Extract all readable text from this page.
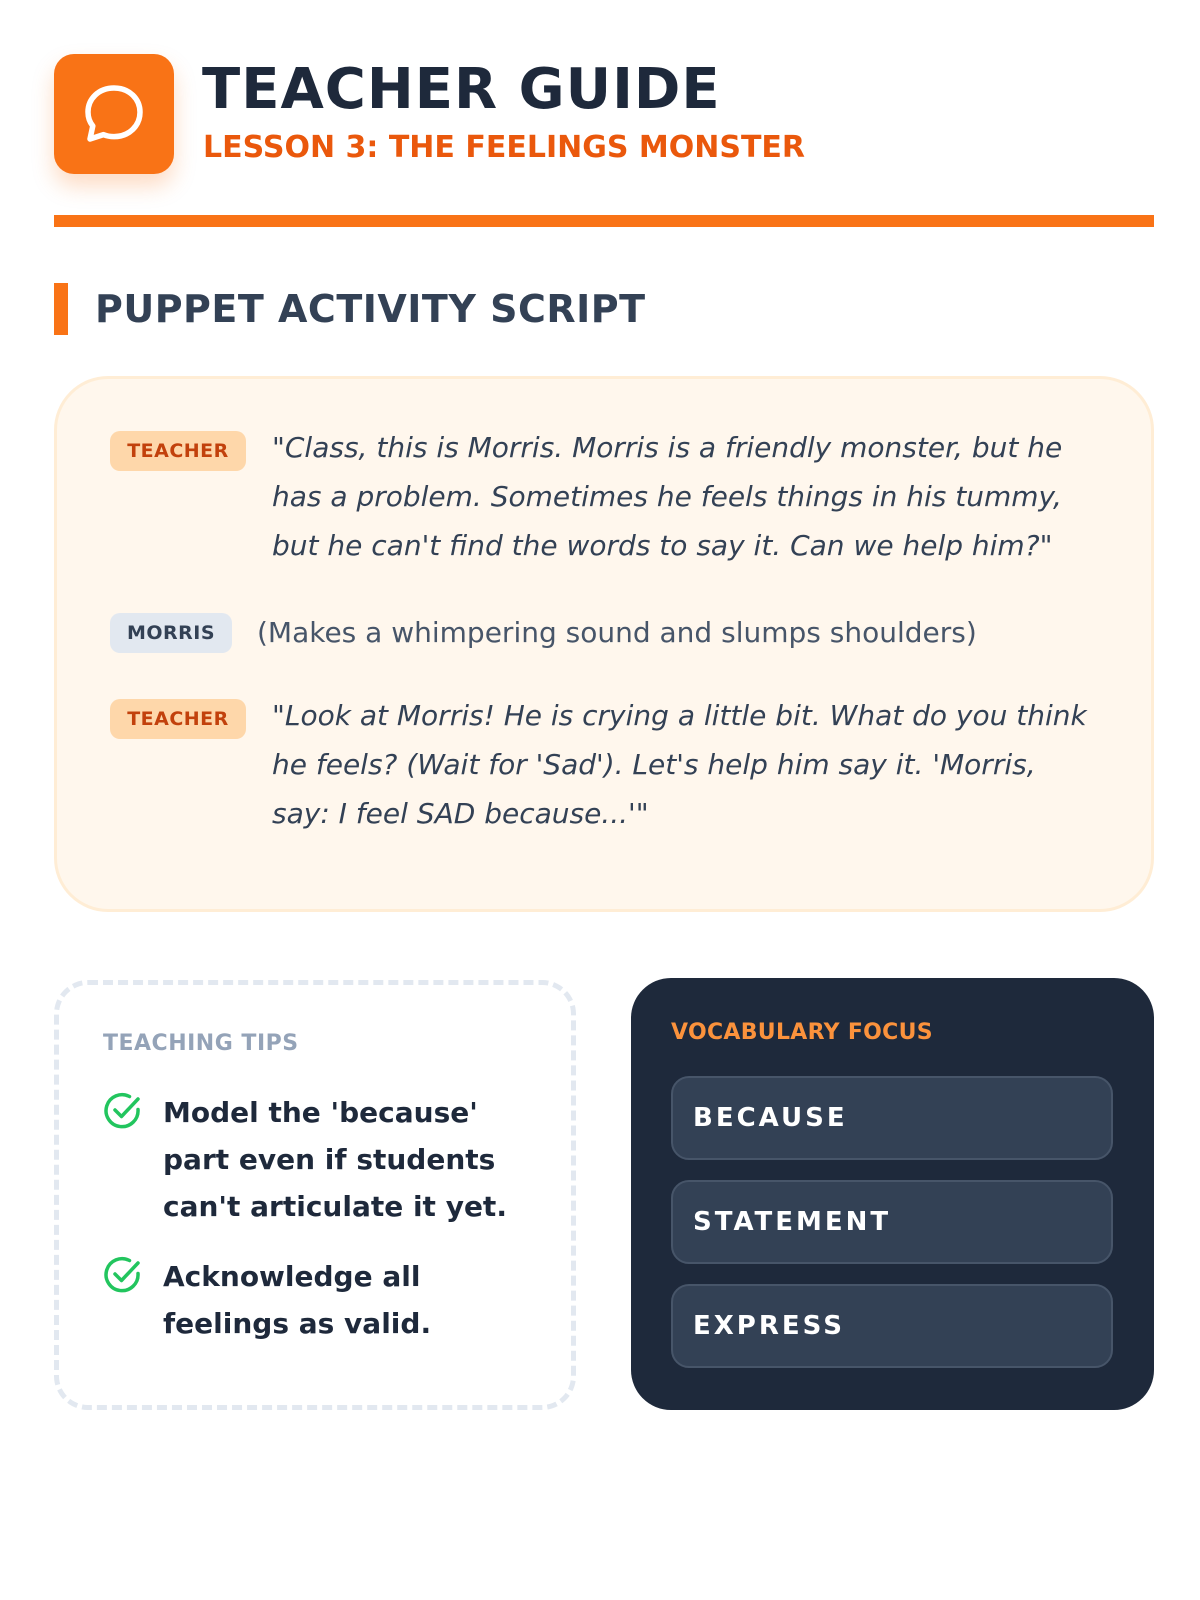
TEACHER GUIDE
LESSON 3: THE FEELINGS MONSTER
PUPPET ACTIVITY SCRIPT
TEACHER	"Class, this is Morris. Morris is a friendly monster, but he has a problem. Sometimes he feels things in his tummy, but he can't find the words to say it. Can we help him?"
MORRIS	(Makes a whimpering sound and slumps shoulders)
TEACHER	"Look at Morris! He is crying a little bit. What do you think he feels? (Wait for 'Sad'). Let's help him say it. 'Morris, say: I feel SAD because...'"
TEACHING TIPS
Model the 'because' part even if students can't articulate it yet.
Acknowledge all feelings as valid.
VOCABULARY FOCUS
BECAUSE
STATEMENT
EXPRESS
